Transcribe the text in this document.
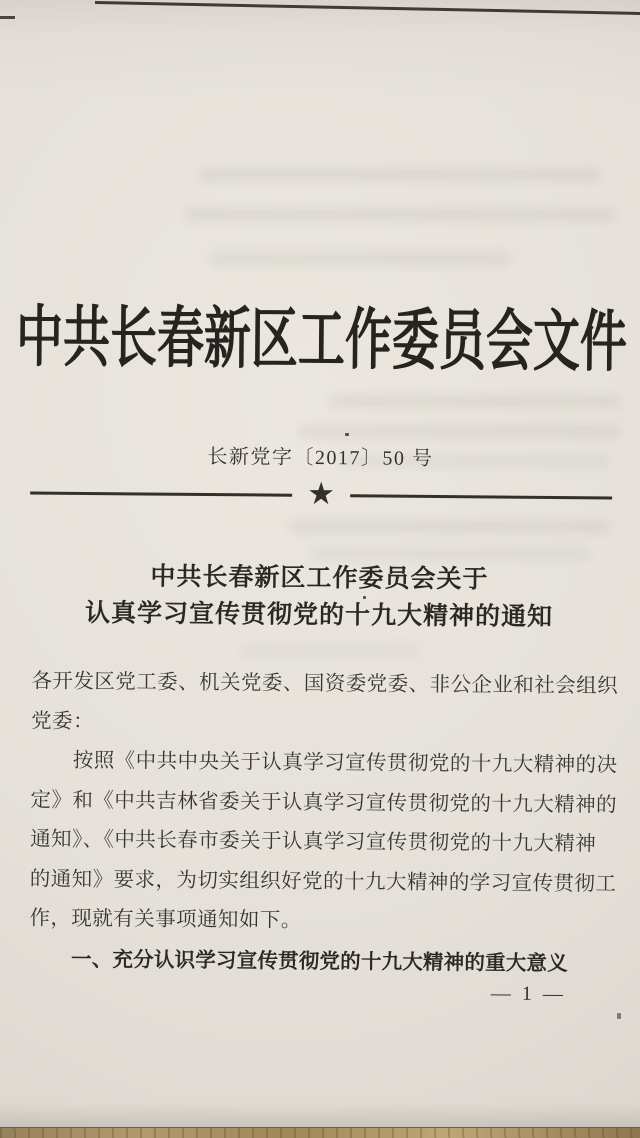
中共长春新区工作委员会文件
长新党字〔2017〕50 号
★
中共长春新区工作委员会关于
认真学习宣传贯彻党的十九大精神的通知
各开发区党工委、机关党委、国资委党委、非公企业和社会组织
党委：
按照《中共中央关于认真学习宣传贯彻党的十九大精神的决
定》和《中共吉林省委关于认真学习宣传贯彻党的十九大精神的
通知》、《中共长春市委关于认真学习宣传贯彻党的十九大精神
的通知》要求，为切实组织好党的十九大精神的学习宣传贯彻工
作，现就有关事项通知如下。
一、充分认识学习宣传贯彻党的十九大精神的重大意义
— 1 —
